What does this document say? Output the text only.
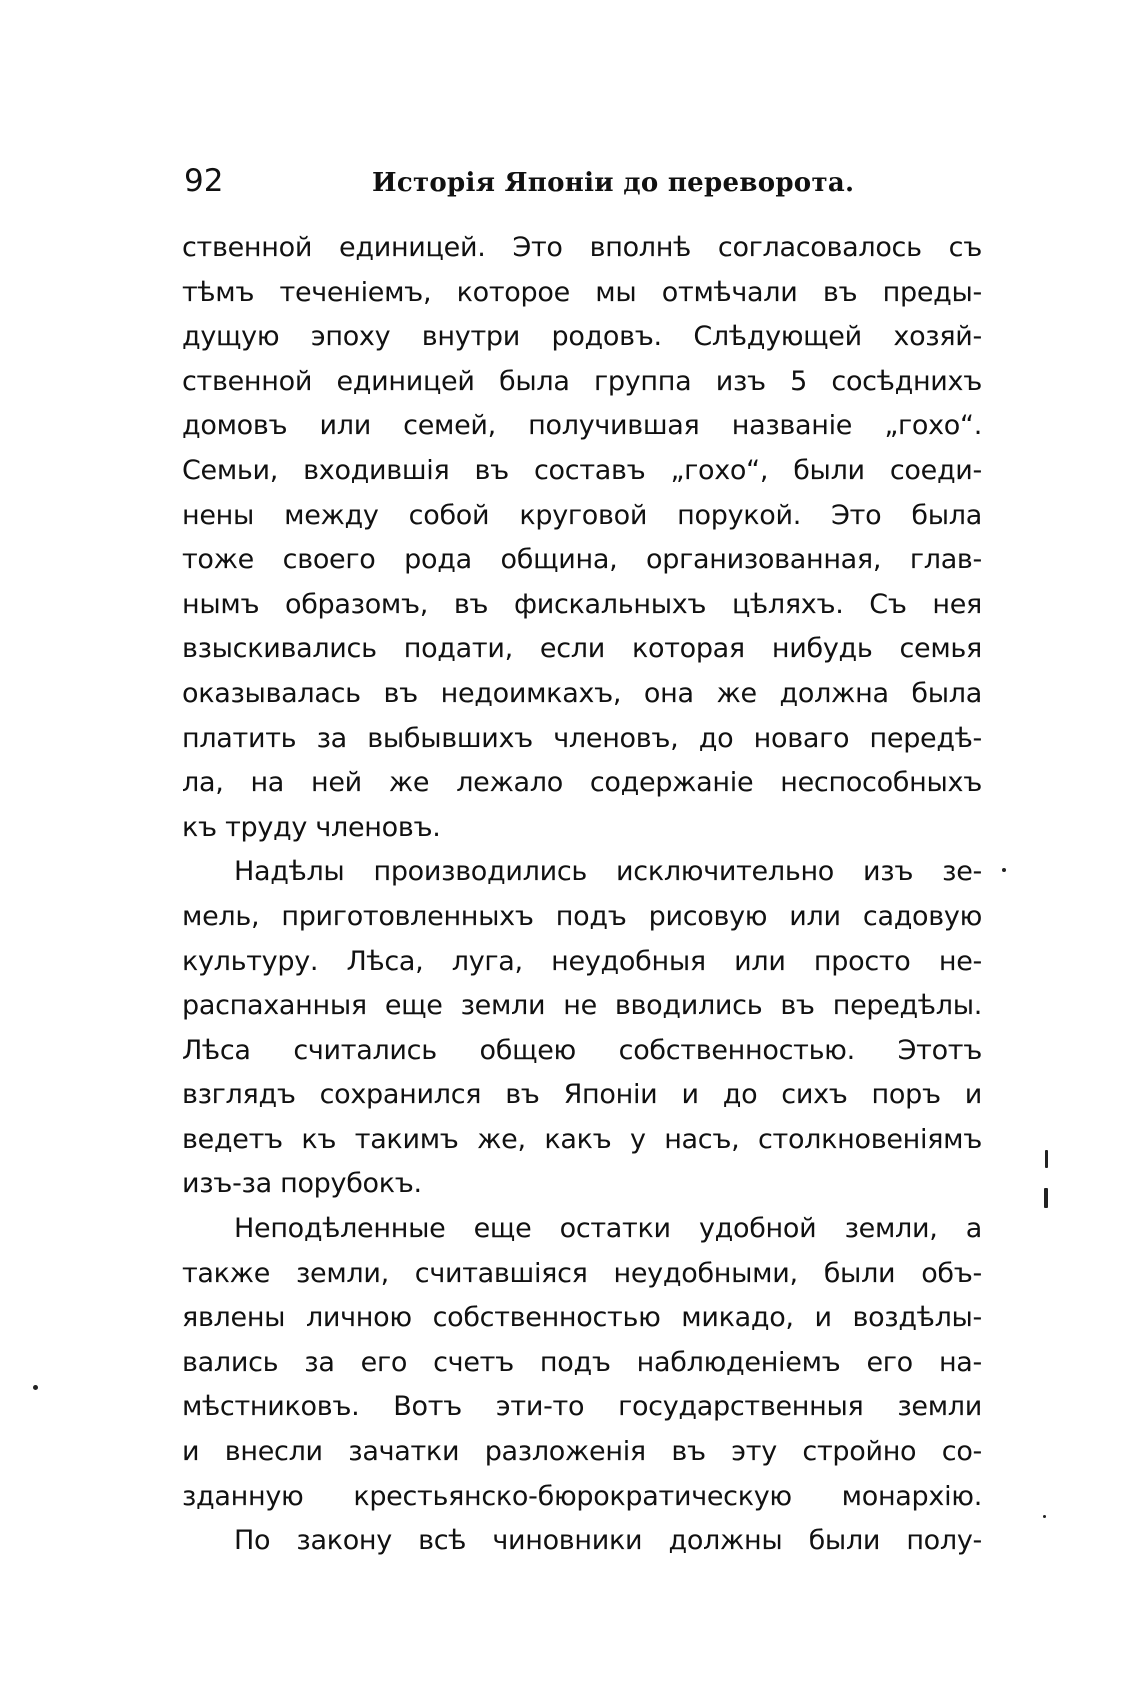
92	Исторія Японіи до переворота.
ственной единицей. Это вполнѣ согласовалось съ
тѣмъ теченіемъ, которое мы отмѣчали въ преды-
дущую эпоху внутри родовъ. Слѣдующей хозяй-
ственной единицей была группа изъ 5 сосѣднихъ
домовъ или семей, получившая названіе „гохо“.
Семьи, входившія въ составъ „гохо“, были соеди-
нены между собой круговой порукой. Это была
тоже своего рода община, организованная, глав-
нымъ образомъ, въ фискальныхъ цѣляхъ. Съ нея
взыскивались подати, если которая нибудь семья
оказывалась въ недоимкахъ, она же должна была
платить за выбывшихъ членовъ, до новаго передѣ-
ла, на ней же лежало содержаніе неспособныхъ
къ труду членовъ.
Надѣлы производились исключительно изъ зе-
мель, приготовленныхъ подъ рисовую или садовую
культуру. Лѣса, луга, неудобныя или просто не-
распаханныя еще земли не вводились въ передѣлы.
Лѣса считались общею собственностью. Этотъ
взглядъ сохранился въ Японіи и до сихъ поръ и
ведетъ къ такимъ же, какъ у насъ, столкновеніямъ
изъ-за порубокъ.
Неподѣленные еще остатки удобной земли, а
также земли, считавшіяся неудобными, были объ-
явлены личною собственностью микадо, и воздѣлы-
вались за его счетъ подъ наблюденіемъ его на-
мѣстниковъ. Вотъ эти-то государственныя земли
и внесли зачатки разложенія въ эту стройно со-
зданную крестьянско-бюрократическую монархію.
По закону всѣ чиновники должны были полу-
